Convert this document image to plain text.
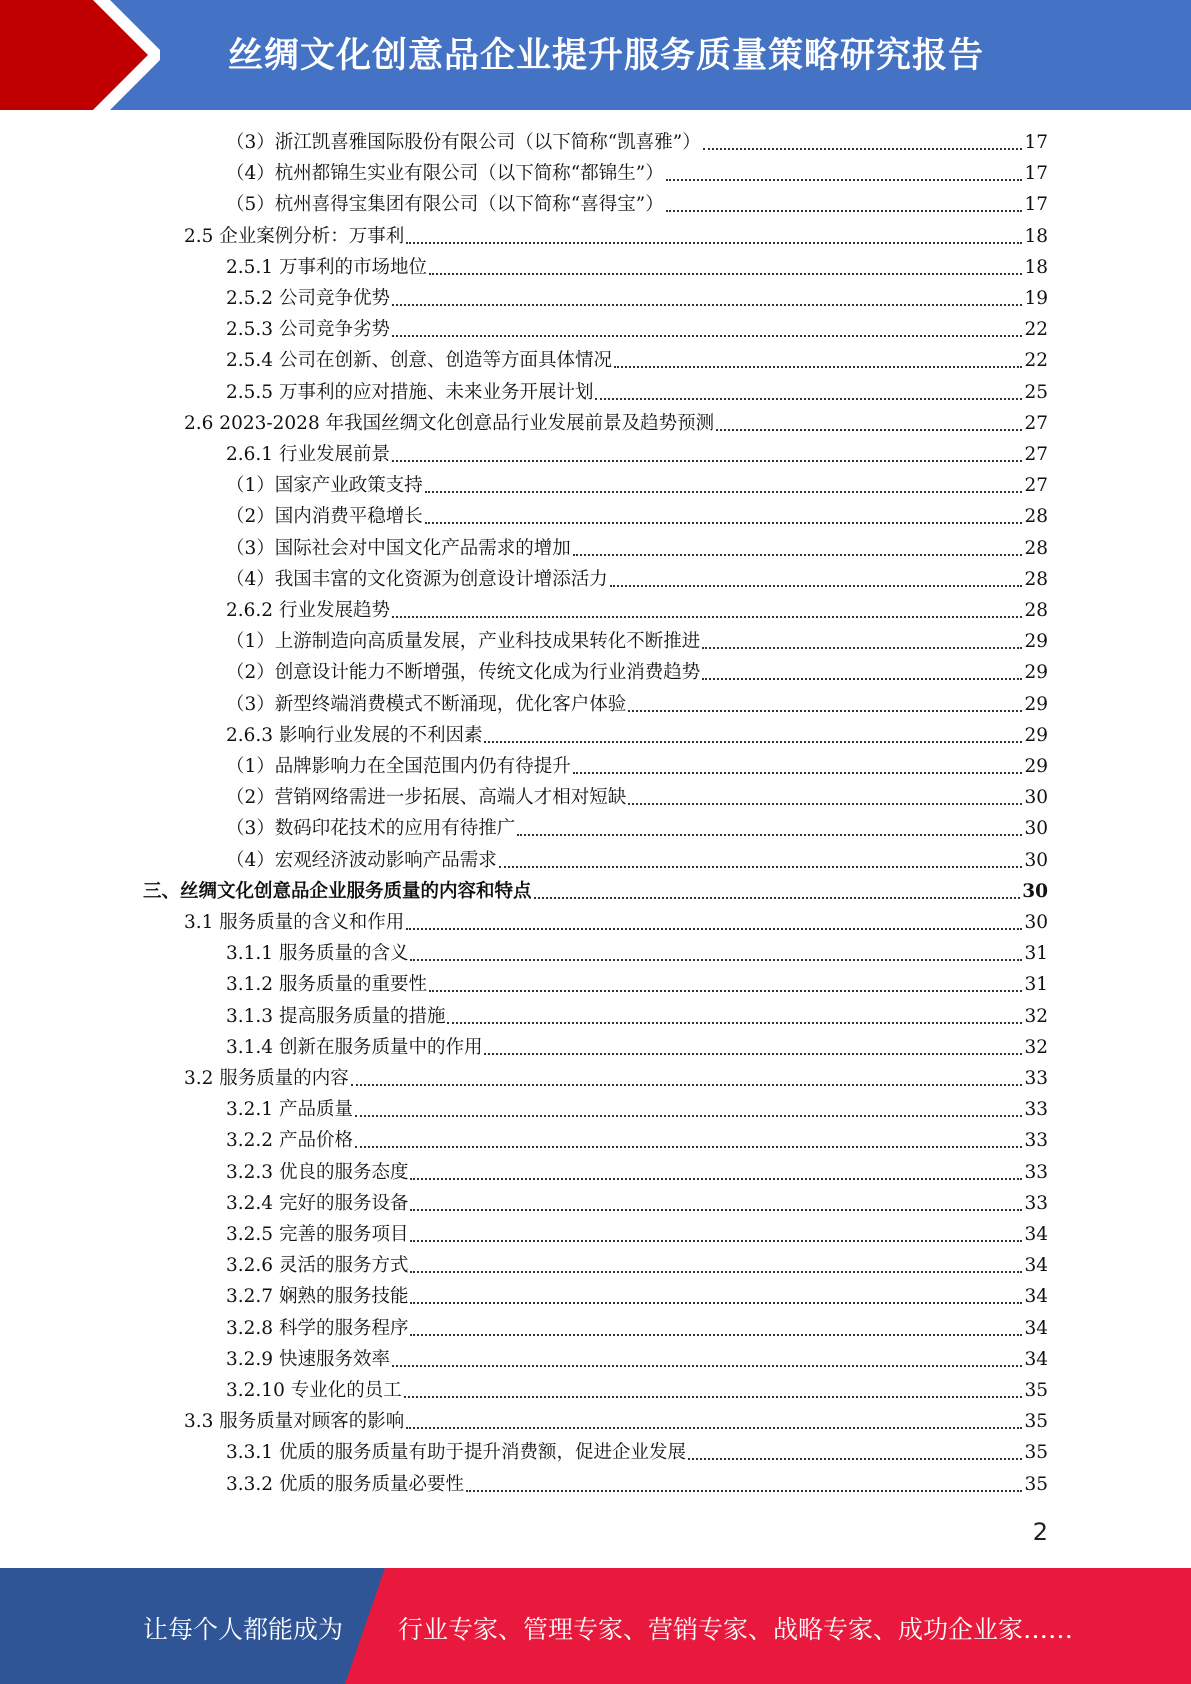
丝绸文化创意品企业提升服务质量策略研究报告
（3）浙江凯喜雅国际股份有限公司（以下简称“凯喜雅”）	17
（4）杭州都锦生实业有限公司（以下简称“都锦生”）	17
（5）杭州喜得宝集团有限公司（以下简称“喜得宝”）	17
2.5 企业案例分析：万事利	18
2.5.1 万事利的市场地位	18
2.5.2 公司竞争优势	19
2.5.3 公司竞争劣势	22
2.5.4 公司在创新、创意、创造等方面具体情况	22
2.5.5 万事利的应对措施、未来业务开展计划	25
2.6 2023-2028 年我国丝绸文化创意品行业发展前景及趋势预测	27
2.6.1 行业发展前景	27
（1）国家产业政策支持	27
（2）国内消费平稳增长	28
（3）国际社会对中国文化产品需求的增加	28
（4）我国丰富的文化资源为创意设计增添活力	28
2.6.2 行业发展趋势	28
（1）上游制造向高质量发展，产业科技成果转化不断推进	29
（2）创意设计能力不断增强，传统文化成为行业消费趋势	29
（3）新型终端消费模式不断涌现，优化客户体验	29
2.6.3 影响行业发展的不利因素	29
（1）品牌影响力在全国范围内仍有待提升	29
（2）营销网络需进一步拓展、高端人才相对短缺	30
（3）数码印花技术的应用有待推广	30
（4）宏观经济波动影响产品需求	30
三、丝绸文化创意品企业服务质量的内容和特点	30
3.1 服务质量的含义和作用	30
3.1.1 服务质量的含义	31
3.1.2 服务质量的重要性	31
3.1.3 提高服务质量的措施	32
3.1.4 创新在服务质量中的作用	32
3.2 服务质量的内容	33
3.2.1 产品质量	33
3.2.2 产品价格	33
3.2.3 优良的服务态度	33
3.2.4 完好的服务设备	33
3.2.5 完善的服务项目	34
3.2.6 灵活的服务方式	34
3.2.7 娴熟的服务技能	34
3.2.8 科学的服务程序	34
3.2.9 快速服务效率	34
3.2.10 专业化的员工	35
3.3 服务质量对顾客的影响	35
3.3.1 优质的服务质量有助于提升消费额，促进企业发展	35
3.3.2 优质的服务质量必要性	35
2
让每个人都能成为 行业专家、管理专家、营销专家、战略专家、成功企业家……
